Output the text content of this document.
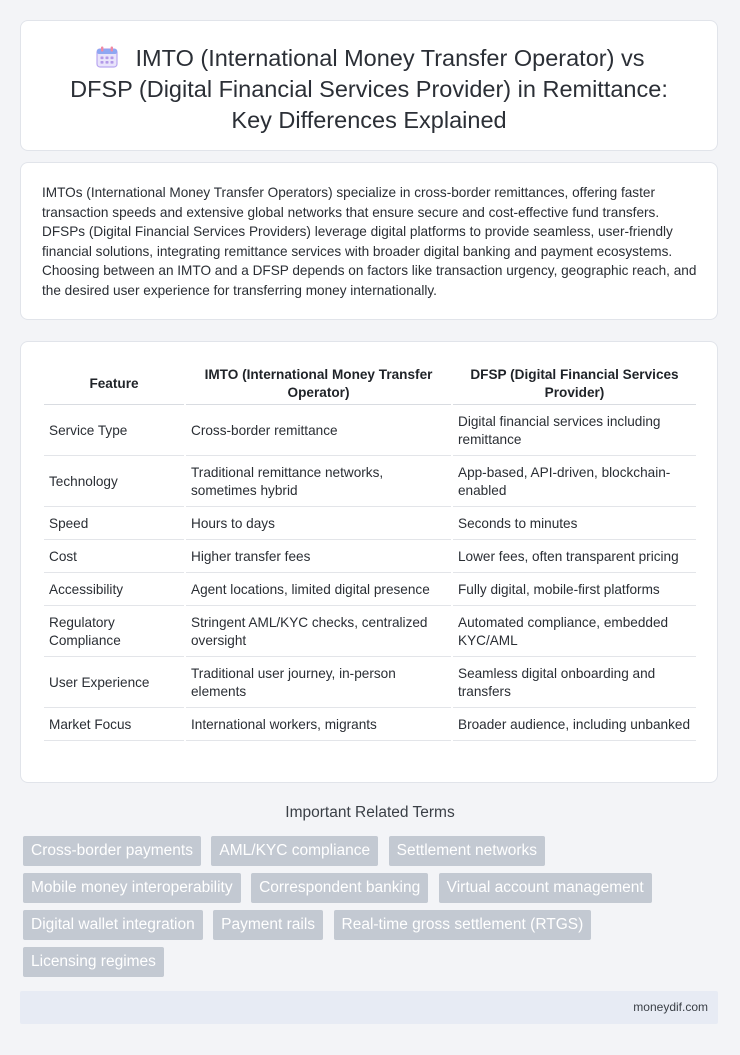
IMTO (International Money Transfer Operator) vs DFSP (Digital Financial Services Provider) in Remittance: Key Differences Explained

IMTOs (International Money Transfer Operators) specialize in cross-border remittances, offering faster transaction speeds and extensive global networks that ensure secure and cost-effective fund transfers. DFSPs (Digital Financial Services Providers) leverage digital platforms to provide seamless, user-friendly financial solutions, integrating remittance services with broader digital banking and payment ecosystems. Choosing between an IMTO and a DFSP depends on factors like transaction urgency, geographic reach, and the desired user experience for transferring money internationally.

Feature	IMTO (International Money Transfer Operator)	DFSP (Digital Financial Services Provider)
Service Type	Cross-border remittance	Digital financial services including remittance
Technology	Traditional remittance networks, sometimes hybrid	App-based, API-driven, blockchain-enabled
Speed	Hours to days	Seconds to minutes
Cost	Higher transfer fees	Lower fees, often transparent pricing
Accessibility	Agent locations, limited digital presence	Fully digital, mobile-first platforms
Regulatory Compliance	Stringent AML/KYC checks, centralized oversight	Automated compliance, embedded KYC/AML
User Experience	Traditional user journey, in-person elements	Seamless digital onboarding and transfers
Market Focus	International workers, migrants	Broader audience, including unbanked
Important Related Terms
Cross-border payments AML/KYC compliance Settlement networks Mobile money interoperability Correspondent banking Virtual account management Digital wallet integration Payment rails Real-time gross settlement (RTGS) Licensing regimes
moneydif.com
